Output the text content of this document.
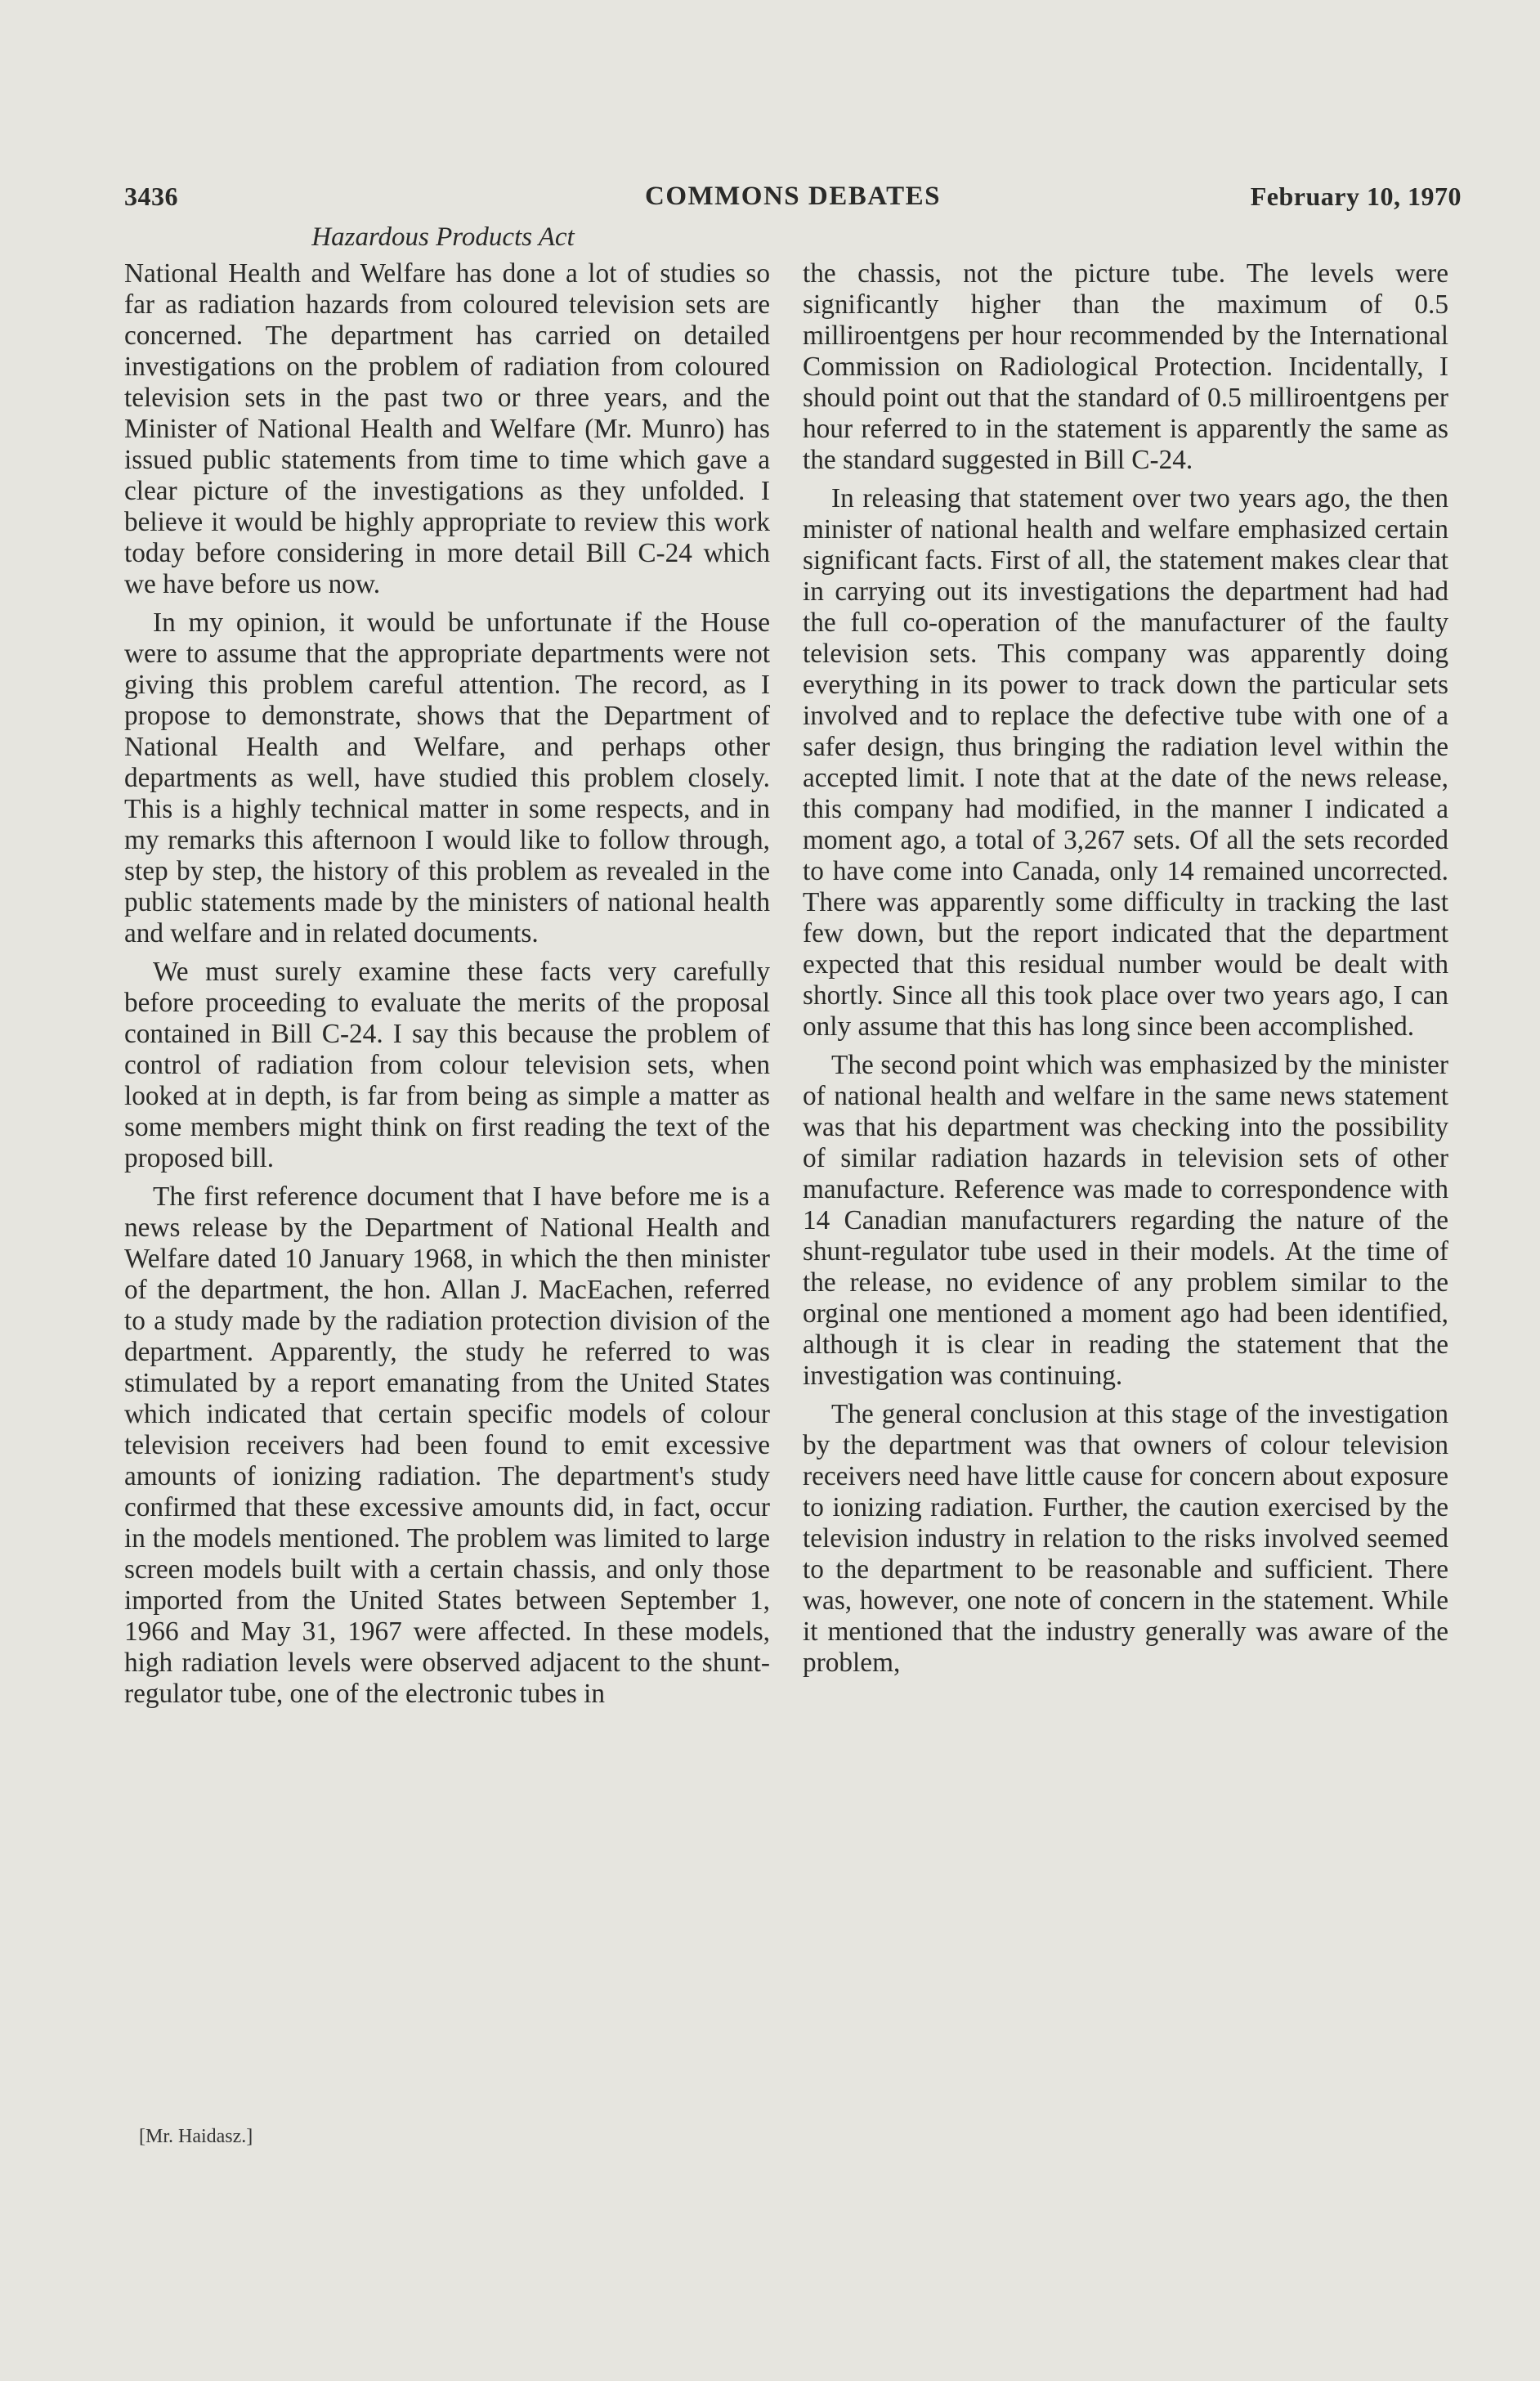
3436	COMMONS DEBATES	February 10, 1970
Hazardous Products Act

National Health and Welfare has done a lot of studies so far as radiation hazards from coloured television sets are concerned. The department has carried on detailed investigations on the problem of radiation from coloured television sets in the past two or three years, and the Minister of National Health and Welfare (Mr. Munro) has issued public statements from time to time which gave a clear picture of the investigations as they unfolded. I believe it would be highly appropriate to review this work today before considering in more detail Bill C-24 which we have before us now.

In my opinion, it would be unfortunate if the House were to assume that the appropriate departments were not giving this problem careful attention. The record, as I propose to demonstrate, shows that the Department of National Health and Welfare, and perhaps other departments as well, have studied this problem closely. This is a highly technical matter in some respects, and in my remarks this afternoon I would like to follow through, step by step, the history of this problem as revealed in the public statements made by the ministers of national health and welfare and in related documents.

We must surely examine these facts very carefully before proceeding to evaluate the merits of the proposal contained in Bill C-24. I say this because the problem of control of radiation from colour television sets, when looked at in depth, is far from being as simple a matter as some members might think on first reading the text of the proposed bill.

The first reference document that I have before me is a news release by the Department of National Health and Welfare dated 10 January 1968, in which the then minister of the department, the hon. Allan J. MacEachen, referred to a study made by the radiation protection division of the department. Apparently, the study he referred to was stimulated by a report emanating from the United States which indicated that certain specific models of colour television receivers had been found to emit excessive amounts of ionizing radiation. The department's study confirmed that these excessive amounts did, in fact, occur in the models mentioned. The problem was limited to large screen models built with a certain chassis, and only those imported from the United States between September 1, 1966 and May 31, 1967 were affected. In these models, high radiation levels were observed adjacent to the shunt-regulator tube, one of the electronic tubes in

the chassis, not the picture tube. The levels were significantly higher than the maximum of 0.5 milliroentgens per hour recommended by the International Commission on Radiological Protection. Incidentally, I should point out that the standard of 0.5 milliroentgens per hour referred to in the statement is apparently the same as the standard suggested in Bill C-24.

In releasing that statement over two years ago, the then minister of national health and welfare emphasized certain significant facts. First of all, the statement makes clear that in carrying out its investigations the department had had the full co-operation of the manufacturer of the faulty television sets. This company was apparently doing everything in its power to track down the particular sets involved and to replace the defective tube with one of a safer design, thus bringing the radiation level within the accepted limit. I note that at the date of the news release, this company had modified, in the manner I indicated a moment ago, a total of 3,267 sets. Of all the sets recorded to have come into Canada, only 14 remained uncorrected. There was apparently some difficulty in tracking the last few down, but the report indicated that the department expected that this residual number would be dealt with shortly. Since all this took place over two years ago, I can only assume that this has long since been accomplished.

The second point which was emphasized by the minister of national health and welfare in the same news statement was that his department was checking into the possibility of similar radiation hazards in television sets of other manufacture. Reference was made to correspondence with 14 Canadian manufacturers regarding the nature of the shunt-regulator tube used in their models. At the time of the release, no evidence of any problem similar to the orginal one mentioned a moment ago had been identified, although it is clear in reading the statement that the investigation was continuing.

The general conclusion at this stage of the investigation by the department was that owners of colour television receivers need have little cause for concern about exposure to ionizing radiation. Further, the caution exercised by the television industry in relation to the risks involved seemed to the department to be reasonable and sufficient. There was, however, one note of concern in the statement. While it mentioned that the industry generally was aware of the problem,

[Mr. Haidasz.]
